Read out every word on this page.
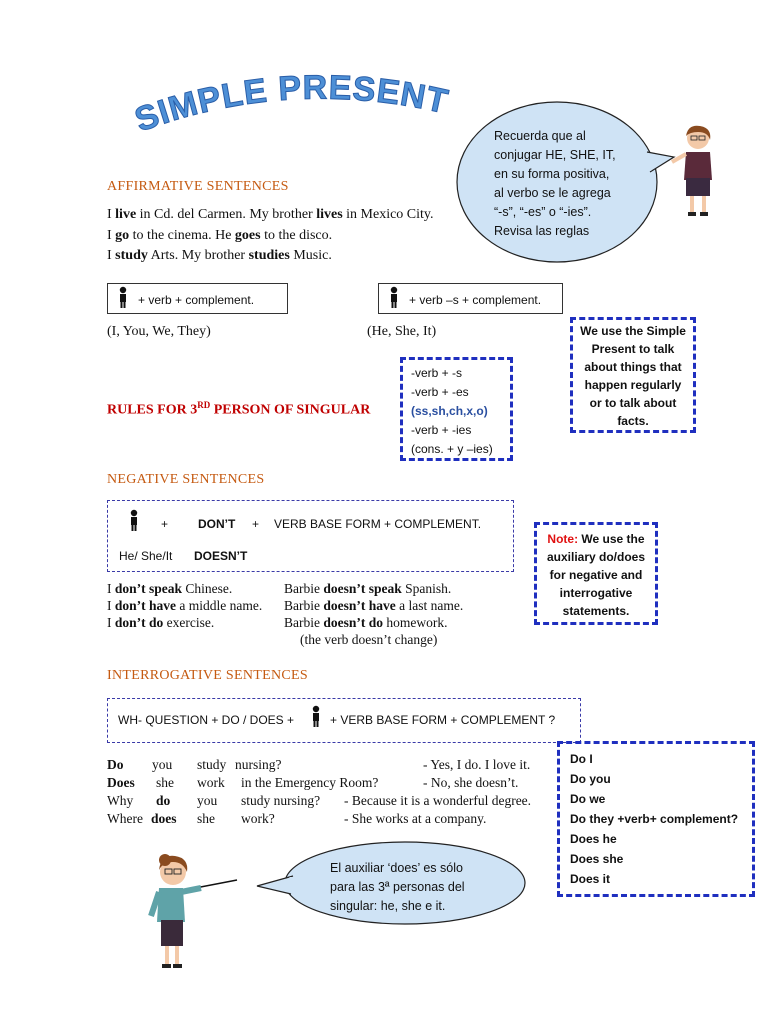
SIMPLE PRESENT
Recuerda que al
conjugar HE, SHE, IT,
en su forma positiva,
al verbo se le agrega
“-s”, “-es” o “-ies”.
Revisa las reglas
AFFIRMATIVE SENTENCES
I live in Cd. del Carmen. My brother lives in Mexico City.
I go to the cinema. He goes to the disco.
I study Arts. My brother studies Music.
+ verb + complement.	+ verb –s + complement.
(I, You, We, They)	(He, She, It)	We use the Simple
Present to talk
about things that
happen regularly
or to talk about
facts.
RULES FOR 3RD PERSON OF SINGULAR
-verb + -s
-verb + -es
(ss,sh,ch,x,o)
-verb + -ies
(cons. + y –ies)
NEGATIVE SENTENCES
+ DON’T + VERB BASE FORM + COMPLEMENT.
He/ She/It DOESN’T
I don’t speak Chinese.	Barbie doesn’t speak Spanish.
I don’t have a middle name. Barbie doesn’t have a last name.
I don’t do exercise.	Barbie doesn’t do homework.
(the verb doesn’t change)
Note: We use the
auxiliary do/does
for negative and
interrogative
statements.
INTERROGATIVE SENTENCES
WH- QUESTION + DO / DOES +	+ VERB BASE FORM + COMPLEMENT ?
Do you study nursing?	- Yes, I do. I love it.
Does she work in the Emergency Room?	- No, she doesn’t.
Why do you study nursing? - Because it is a wonderful degree.
Where does she work?	- She works at a company.
Do I
Do you
Do we
Do they +verb+ complement?
Does he
Does she
Does it
El auxiliar ‘does’ es sólo
para las 3ª personas del
singular: he, she e it.
